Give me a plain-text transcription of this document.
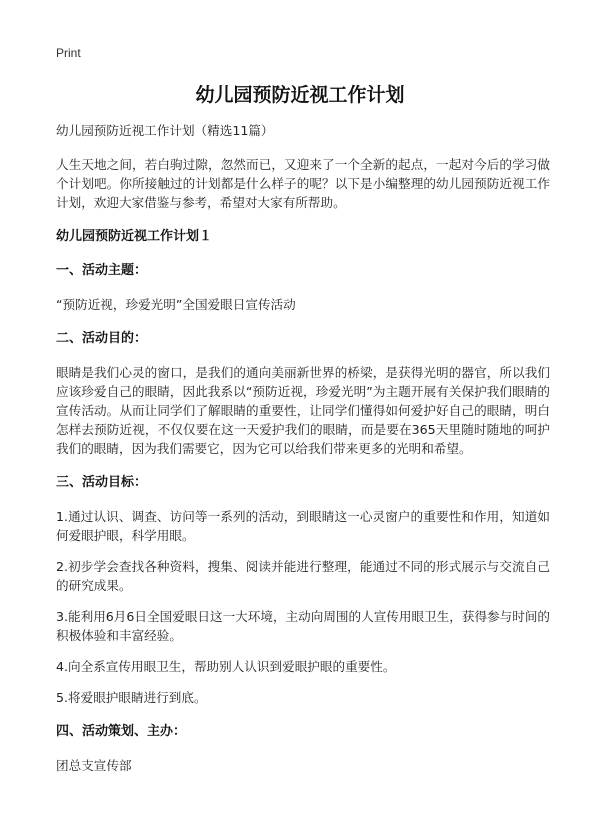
Print
幼儿园预防近视工作计划

幼儿园预防近视工作计划（精选11篇）

人生天地之间，若白驹过隙，忽然而已，又迎来了一个全新的起点，一起对今后的学习做个计划吧。你所接触过的计划都是什么样子的呢？以下是小编整理的幼儿园预防近视工作计划，欢迎大家借鉴与参考，希望对大家有所帮助。

幼儿园预防近视工作计划１

一、活动主题：

“预防近视，珍爱光明”全国爱眼日宣传活动

二、活动目的：

眼睛是我们心灵的窗口，是我们的通向美丽新世界的桥梁，是获得光明的器官，所以我们应该珍爱自己的眼睛，因此我系以“预防近视，珍爱光明”为主题开展有关保护我们眼睛的宣传活动。从而让同学们了解眼睛的重要性，让同学们懂得如何爱护好自己的眼睛，明白怎样去预防近视，不仅仅要在这一天爱护我们的眼睛，而是要在365天里随时随地的呵护我们的眼睛，因为我们需要它，因为它可以给我们带来更多的光明和希望。

三、活动目标：

1.通过认识、调查、访问等一系列的活动，到眼睛这一心灵窗户的重要性和作用，知道如何爱眼护眼，科学用眼。

2.初步学会查找各种资料，搜集、阅读并能进行整理，能通过不同的形式展示与交流自己的研究成果。

3.能利用6月6日全国爱眼日这一大环境，主动向周围的人宣传用眼卫生，获得参与时间的积极体验和丰富经验。

4.向全系宣传用眼卫生，帮助别人认识到爱眼护眼的重要性。

5.将爱眼护眼睛进行到底。

四、活动策划、主办：

团总支宣传部
